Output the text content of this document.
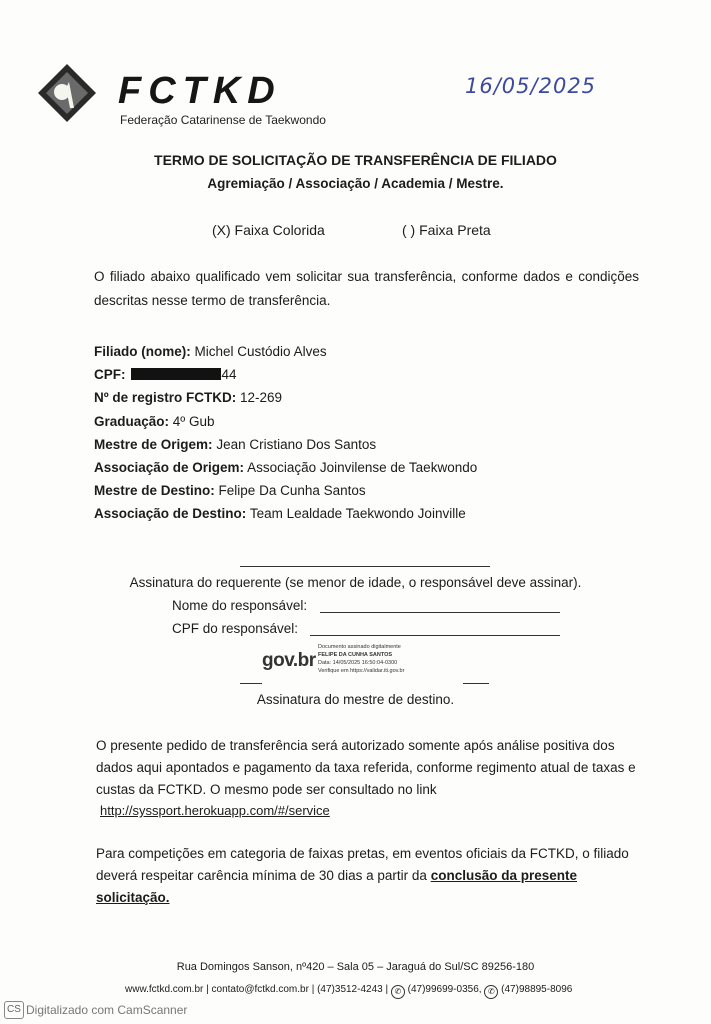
FCTKD
Federação Catarinense de Taekwondo
16/05/2025
TERMO DE SOLICITAÇÃO DE TRANSFERÊNCIA DE FILIADO
Agremiação / Associação / Academia / Mestre.
(X) Faixa Colorida	( ) Faixa Preta
O filiado abaixo qualificado vem solicitar sua transferência, conforme dados e condições descritas nesse termo de transferência.
Filiado (nome): Michel Custódio Alves
CPF:	44
Nº de registro FCTKD: 12-269
Graduação: 4º Gub
Mestre de Origem: Jean Cristiano Dos Santos
Associação de Origem: Associação Joinvilense de Taekwondo
Mestre de Destino: Felipe Da Cunha Santos
Associação de Destino: Team Lealdade Taekwondo Joinville
Assinatura do requerente (se menor de idade, o responsável deve assinar).
Nome do responsável:
CPF do responsável:
gov.br
Documento assinado digitalmente
FELIPE DA CUNHA SANTOS
Data: 14/05/2025 16:50:04-0300
Verifique em https://validar.iti.gov.br
Assinatura do mestre de destino.
O presente pedido de transferência será autorizado somente após análise positiva dos dados aqui apontados e pagamento da taxa referida, conforme regimento atual de taxas e custas da FCTKD. O mesmo pode ser consultado no link
http://syssport.herokuapp.com/#/service
Para competições em categoria de faixas pretas, em eventos oficiais da FCTKD, o filiado deverá respeitar carência mínima de 30 dias a partir da conclusão da presente solicitação.
Rua Domingos Sanson, nº420 – Sala 05 – Jaraguá do Sul/SC 89256-180
www.fctkd.com.br | contato@fctkd.com.br | (47)3512-4243 | ✆ (47)99699-0356, ✆ (47)98895-8096
CS Digitalizado com CamScanner
